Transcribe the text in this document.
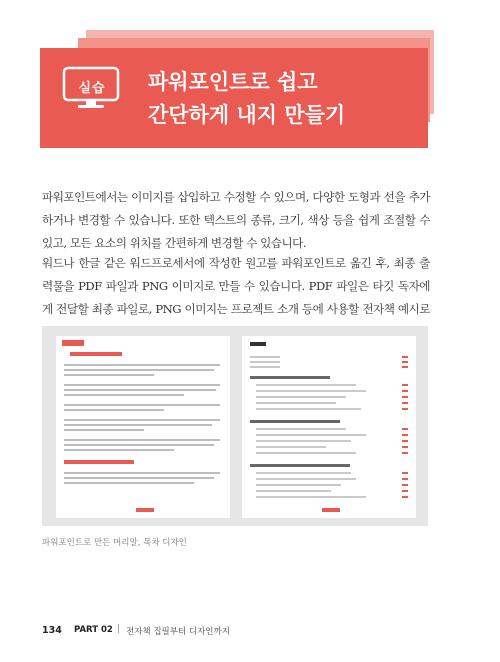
실습	파워포인트로 쉽고
간단하게 내지 만들기
파워포인트에서는 이미지를 삽입하고 수정할 수 있으며, 다양한 도형과 선을 추가하거나 변경할 수 있습니다. 또한 텍스트의 종류, 크기, 색상 등을 쉽게 조절할 수 있고, 모든 요소의 위치를 간편하게 변경할 수 있습니다.
워드나 한글 같은 워드프로세서에 작성한 원고를 파워포인트로 옮긴 후, 최종 출력물을 PDF 파일과 PNG 이미지로 만들 수 있습니다. PDF 파일은 타깃 독자에게 전달할 최종 파일로, PNG 이미지는 프로젝트 소개 등에 사용할 전자책 예시로
파워포인트로 만든 머리말, 목차 디자인
134 PART 02 | 전자책 집필부터 디자인까지
